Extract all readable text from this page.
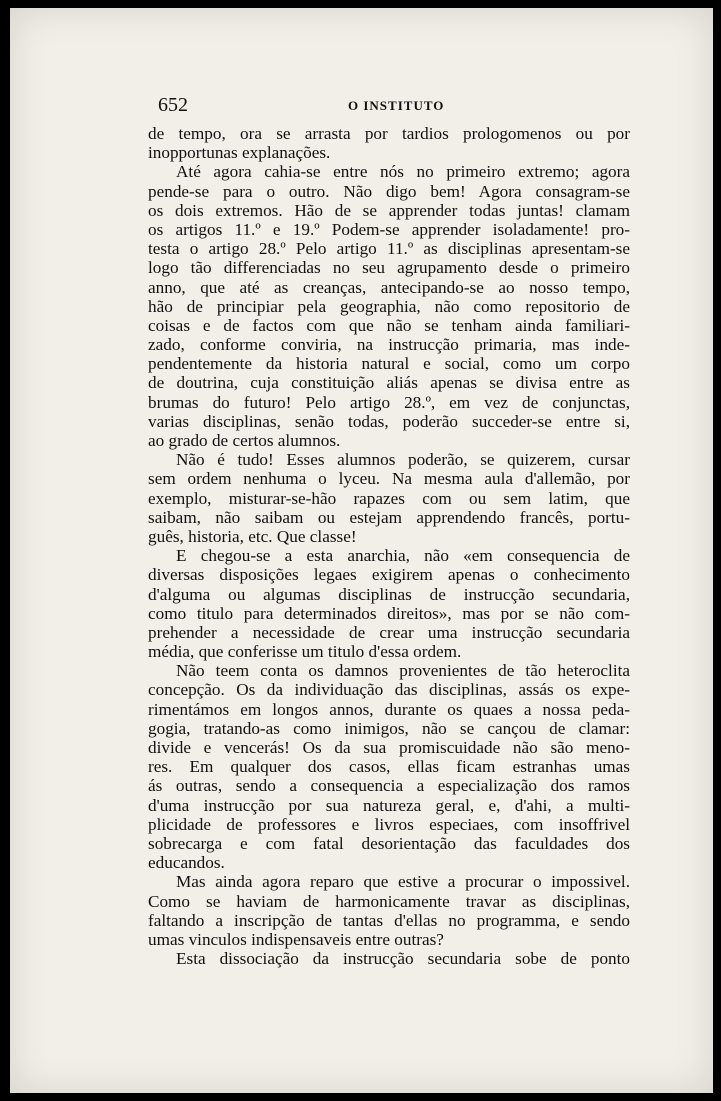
652	O INSTITUTO
de tempo, ora se arrasta por tardios prologomenos ou por
inopportunas explanações.
Até agora cahia-se entre nós no primeiro extremo; agora
pende-se para o outro. Não digo bem! Agora consagram-se
os dois extremos. Hão de se apprender todas juntas! clamam
os artigos 11.º e 19.º Podem-se apprender isoladamente! pro-
testa o artigo 28.º Pelo artigo 11.º as disciplinas apresentam-se
logo tão differenciadas no seu agrupamento desde o primeiro
anno, que até as creanças, antecipando-se ao nosso tempo,
hão de principiar pela geographia, não como repositorio de
coisas e de factos com que não se tenham ainda familiari-
zado, conforme conviria, na instrucção primaria, mas inde-
pendentemente da historia natural e social, como um corpo
de doutrina, cuja constituição aliás apenas se divisa entre as
brumas do futuro! Pelo artigo 28.º, em vez de conjunctas,
varias disciplinas, senão todas, poderão succeder-se entre si,
ao grado de certos alumnos.
Não é tudo! Esses alumnos poderão, se quizerem, cursar
sem ordem nenhuma o lyceu. Na mesma aula d'allemão, por
exemplo, misturar-se-hão rapazes com ou sem latim, que
saibam, não saibam ou estejam apprendendo francês, portu-
guês, historia, etc. Que classe!
E chegou-se a esta anarchia, não «em consequencia de
diversas disposições legaes exigirem apenas o conhecimento
d'alguma ou algumas disciplinas de instrucção secundaria,
como titulo para determinados direitos», mas por se não com-
prehender a necessidade de crear uma instrucção secundaria
média, que conferisse um titulo d'essa ordem.
Não teem conta os damnos provenientes de tão heteroclita
concepção. Os da individuação das disciplinas, assás os expe-
rimentámos em longos annos, durante os quaes a nossa peda-
gogia, tratando-as como inimigos, não se cançou de clamar:
divide e vencerás! Os da sua promiscuidade não são meno-
res. Em qualquer dos casos, ellas ficam estranhas umas
ás outras, sendo a consequencia a especialização dos ramos
d'uma instrucção por sua natureza geral, e, d'ahi, a multi-
plicidade de professores e livros especiaes, com insoffrivel
sobrecarga e com fatal desorientação das faculdades dos
educandos.
Mas ainda agora reparo que estive a procurar o impossivel.
Como se haviam de harmonicamente travar as disciplinas,
faltando a inscripção de tantas d'ellas no programma, e sendo
umas vinculos indispensaveis entre outras?
Esta dissociação da instrucção secundaria sobe de ponto
